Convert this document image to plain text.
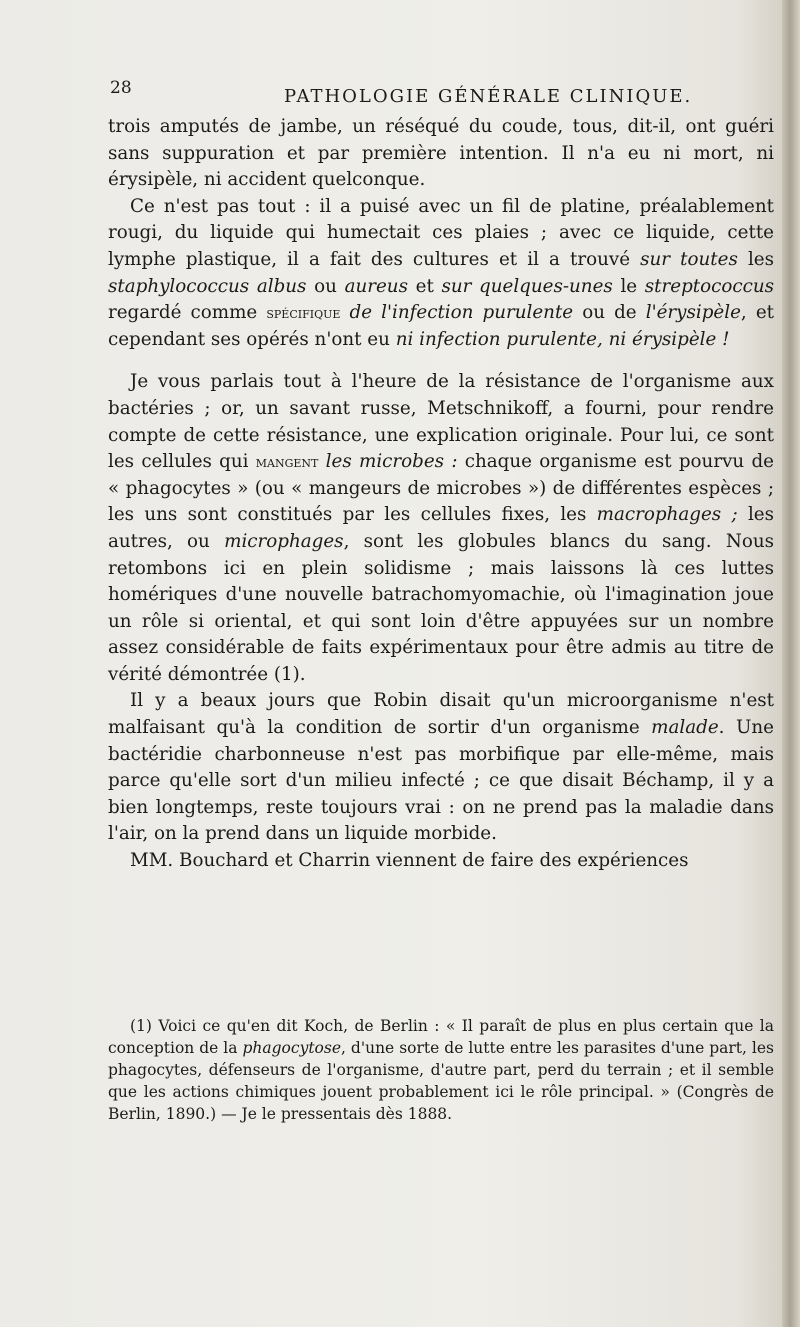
28	PATHOLOGIE GÉNÉRALE CLINIQUE.

trois amputés de jambe, un réséqué du coude, tous, dit-il, ont guéri sans suppuration et par première intention. Il n'a eu ni mort, ni érysipèle, ni accident quelconque.

Ce n'est pas tout : il a puisé avec un fil de platine, préalablement rougi, du liquide qui humectait ces plaies ; avec ce liquide, cette lymphe plastique, il a fait des cultures et il a trouvé sur toutes les staphylococcus albus ou aureus et sur quelques-unes le streptococcus regardé comme spécifique de l'infection purulente ou de l'érysipèle, et cependant ses opérés n'ont eu ni infection purulente, ni érysipèle !

Je vous parlais tout à l'heure de la résistance de l'organisme aux bactéries ; or, un savant russe, Metschnikoff, a fourni, pour rendre compte de cette résistance, une explication originale. Pour lui, ce sont les cellules qui mangent les microbes : chaque organisme est pourvu de « phagocytes » (ou « mangeurs de microbes ») de différentes espèces ; les uns sont constitués par les cellules fixes, les macrophages ; les autres, ou microphages, sont les globules blancs du sang. Nous retombons ici en plein solidisme ; mais laissons là ces luttes homériques d'une nouvelle batrachomyomachie, où l'imagination joue un rôle si oriental, et qui sont loin d'être appuyées sur un nombre assez considérable de faits expérimentaux pour être admis au titre de vérité démontrée (1).

Il y a beaux jours que Robin disait qu'un microorganisme n'est malfaisant qu'à la condition de sortir d'un organisme malade. Une bactéridie charbonneuse n'est pas morbifique par elle-même, mais parce qu'elle sort d'un milieu infecté ; ce que disait Béchamp, il y a bien longtemps, reste toujours vrai : on ne prend pas la maladie dans l'air, on la prend dans un liquide morbide.

MM. Bouchard et Charrin viennent de faire des expériences

(1) Voici ce qu'en dit Koch, de Berlin : « Il paraît de plus en plus certain que la conception de la phagocytose, d'une sorte de lutte entre les parasites d'une part, les phagocytes, défenseurs de l'organisme, d'autre part, perd du terrain ; et il semble que les actions chimiques jouent probablement ici le rôle principal. » (Congrès de Berlin, 1890.) — Je le pressentais dès 1888.
